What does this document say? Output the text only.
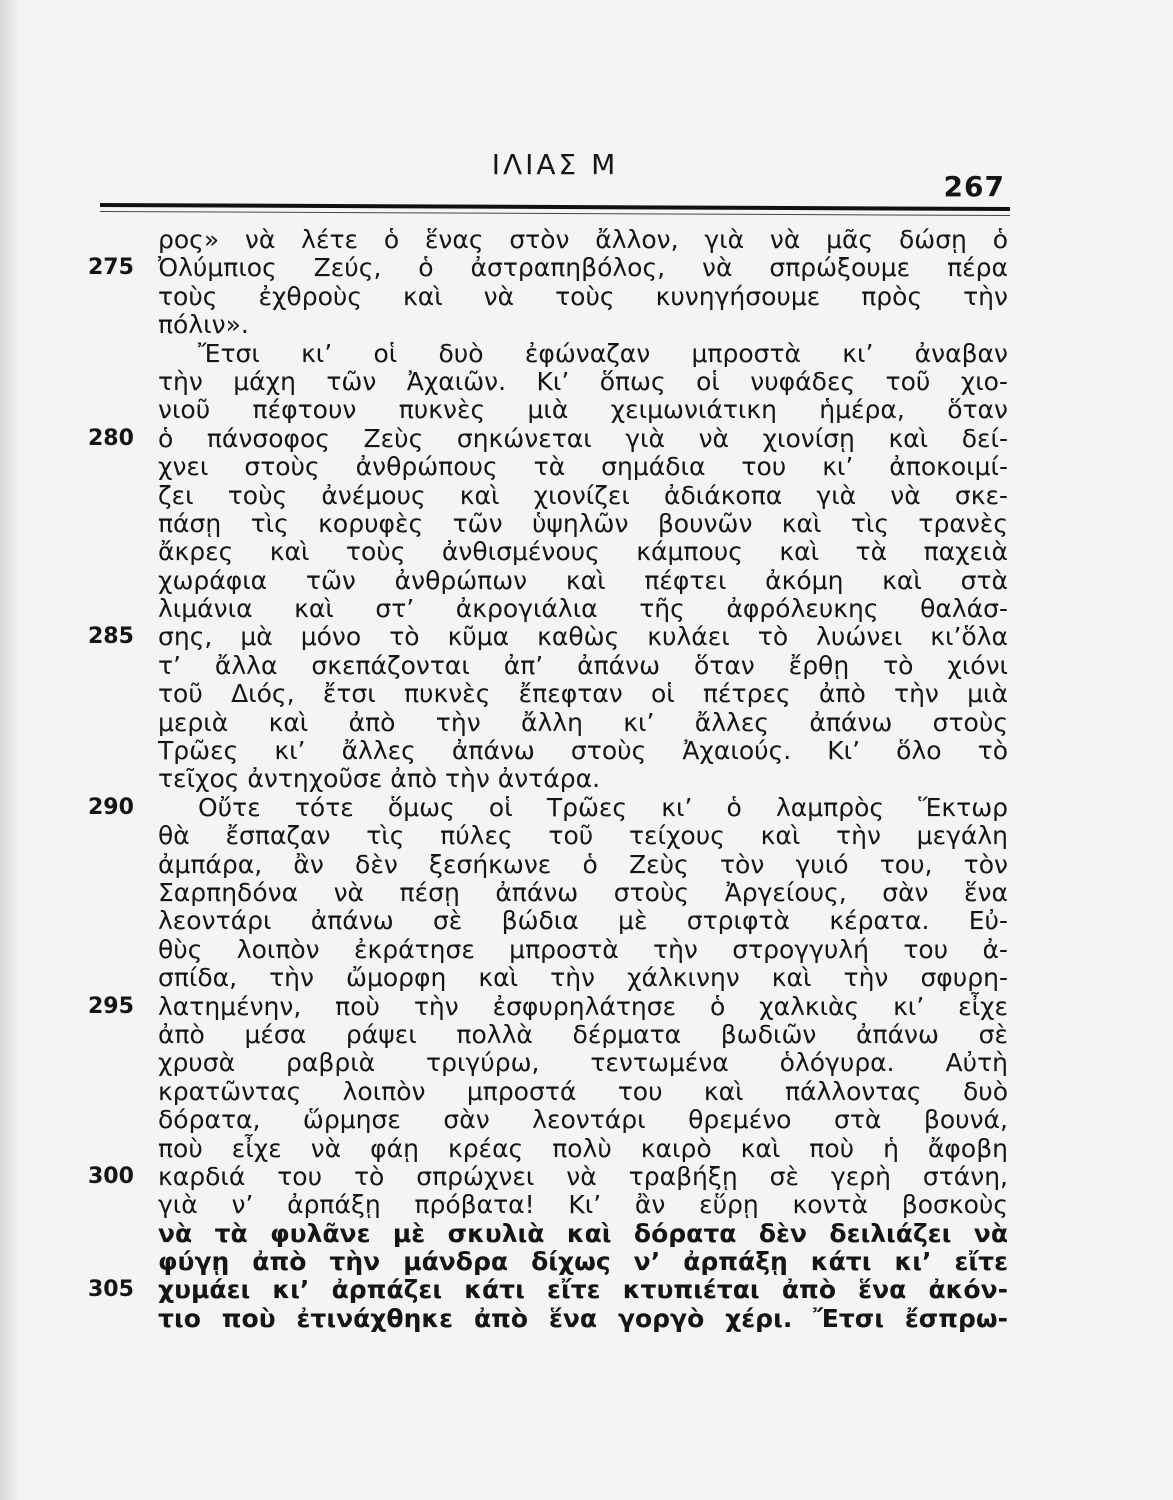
ΙΛΙΑΣ Μ
267
ρος» νὰ λέτε ὁ ἕνας στὸν ἄλλον, γιὰ νὰ μᾶς δώσῃ ὁ
275 Ὀλύμπιος Ζεύς, ὁ ἀστραπηβόλος, νὰ σπρώξουμε πέρα
τοὺς ἐχθροὺς καὶ νὰ τοὺς κυνηγήσουμε πρὸς τὴν
πόλιν».
Ἔτσι κι’ οἱ δυὸ ἐφώναζαν μπροστὰ κι’ ἀναβαν
τὴν μάχη τῶν Ἀχαιῶν. Κι’ ὅπως οἱ νυφάδες τοῦ χιο-
νιοῦ πέφτουν πυκνὲς μιὰ χειμωνιάτικη ἡμέρα, ὅταν
280 ὁ πάνσοφος Ζεὺς σηκώνεται γιὰ νὰ χιονίσῃ καὶ δεί-
χνει στοὺς ἀνθρώπους τὰ σημάδια του κι’ ἀποκοιμί-
ζει τοὺς ἀνέμους καὶ χιονίζει ἀδιάκοπα γιὰ νὰ σκε-
πάσῃ τὶς κορυφὲς τῶν ὑψηλῶν βουνῶν καὶ τὶς τρανὲς
ἄκρες καὶ τοὺς ἀνθισμένους κάμπους καὶ τὰ παχειὰ
χωράφια τῶν ἀνθρώπων καὶ πέφτει ἀκόμη καὶ στὰ
λιμάνια καὶ στ’ ἀκρογιάλια τῆς ἀφρόλευκης θαλάσ-
285 σης, μὰ μόνο τὸ κῦμα καθὼς κυλάει τὸ λυώνει κι’ὅλα
τ’ ἄλλα σκεπάζονται ἀπ’ ἀπάνω ὅταν ἔρθῃ τὸ χιόνι
τοῦ Διός, ἔτσι πυκνὲς ἔπεφταν οἱ πέτρες ἀπὸ τὴν μιὰ
μεριὰ καὶ ἀπὸ τὴν ἄλλη κι’ ἄλλες ἀπάνω στοὺς
Τρῶες κι’ ἄλλες ἀπάνω στοὺς Ἀχαιούς. Κι’ ὅλο τὸ
τεῖχος ἀντηχοῦσε ἀπὸ τὴν ἀντάρα.
290	Οὔτε τότε ὅμως οἱ Τρῶες κι’ ὁ λαμπρὸς Ἕκτωρ
θὰ ἔσπαζαν τὶς πύλες τοῦ τείχους καὶ τὴν μεγάλη
ἀμπάρα, ἂν δὲν ξεσήκωνε ὁ Ζεὺς τὸν γυιό του, τὸν
Σαρπηδόνα νὰ πέσῃ ἀπάνω στοὺς Ἀργείους, σὰν ἕνα
λεοντάρι ἀπάνω σὲ βώδια μὲ στριφτὰ κέρατα. Εὐ-
θὺς λοιπὸν ἐκράτησε μπροστὰ τὴν στρογγυλή του ἀ-
σπίδα, τὴν ὤμορφη καὶ τὴν χάλκινην καὶ τὴν σφυρη-
295 λατημένην, ποὺ τὴν ἐσφυρηλάτησε ὁ χαλκιὰς κι’ εἶχε
ἀπὸ μέσα ράψει πολλὰ δέρματα βωδιῶν ἀπάνω σὲ
χρυσὰ ραβριὰ τριγύρω, τεντωμένα ὁλόγυρα. Αὐτὴ
κρατῶντας λοιπὸν μπροστά του καὶ πάλλοντας δυὸ
δόρατα, ὥρμησε σὰν λεοντάρι θρεμένο στὰ βουνά,
ποὺ εἶχε νὰ φάῃ κρέας πολὺ καιρὸ καὶ ποὺ ἡ ἄφοβη
300 καρδιά του τὸ σπρώχνει νὰ τραβήξῃ σὲ γερὴ στάνη,
γιὰ ν’ ἀρπάξῃ πρόβατα! Κι’ ἂν εὕρῃ κοντὰ βοσκοὺς
νὰ τὰ φυλᾶνε μὲ σκυλιὰ καὶ δόρατα δὲν δειλιάζει νὰ
φύγῃ ἀπὸ τὴν μάνδρα δίχως ν’ ἀρπάξῃ κάτι κι’ εἴτε
305 χυμάει κι’ ἀρπάζει κάτι εἴτε κτυπιέται ἀπὸ ἕνα ἀκόν-
τιο ποὺ ἐτινάχθηκε ἀπὸ ἕνα γοργὸ χέρι. Ἔτσι ἔσπρω-
